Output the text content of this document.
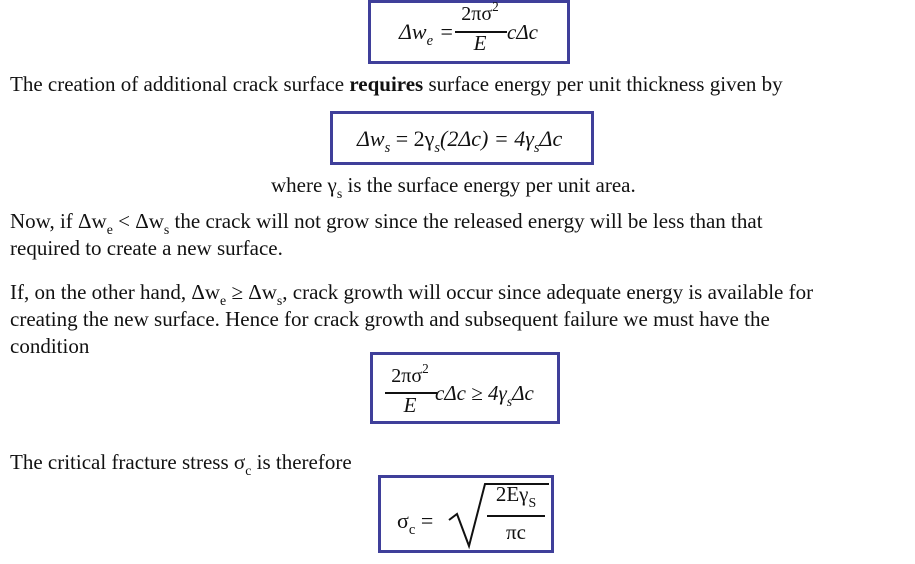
$\Delta w_e$ =
$2\pi\sigma^2$
E cΔc
The creation of additional crack surface requires surface energy per unit thickness given by
$\Delta w_s = 2\gamma_s(2\Delta c) = 4\gamma_s\Delta c$
where $\gamma_s$ is the surface energy per unit area.
Now, if $\Delta w_e < \Delta w_s$ the crack will not grow since the released energy will be less than that
required to create a new surface.
If, on the other hand, $\Delta w_e \ge \Delta w_s$, crack growth will occur since adequate energy is available for
creating the new surface. Hence for crack growth and subsequent failure we must have the
condition
$2\pi\sigma^2$
E $c\Delta c \ge 4\gamma_s\Delta c$
The critical fracture stress $\sigma_c$ is therefore
$\sigma_c$ =
$2E\gamma_S$
πc
